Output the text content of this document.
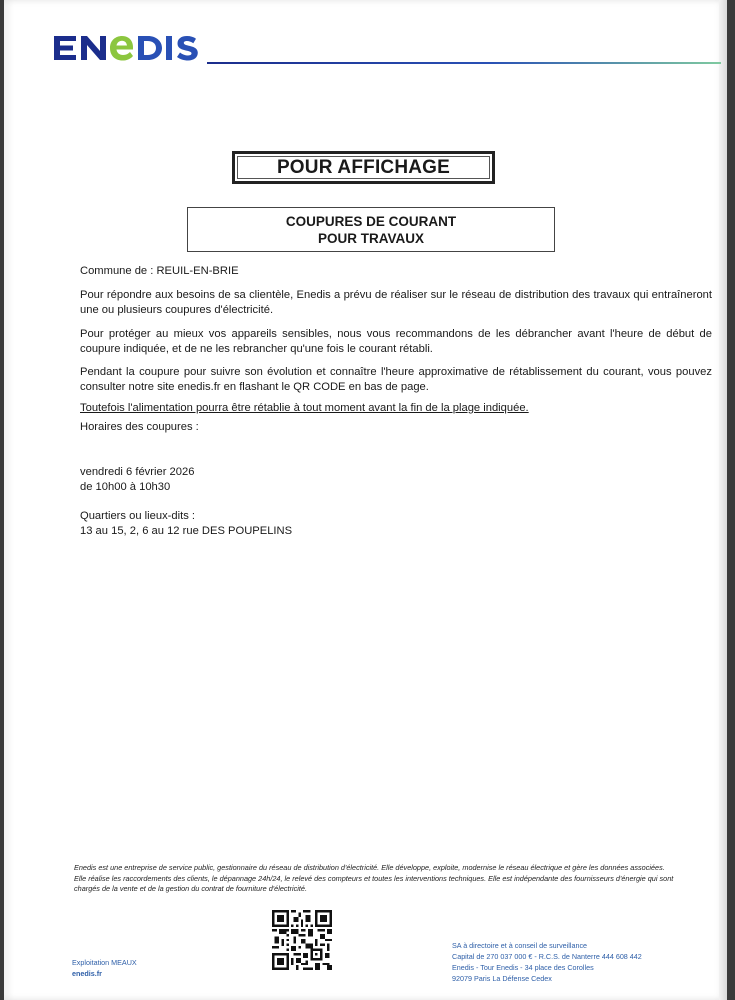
POUR AFFICHAGE
COUPURES DE COURANT
POUR TRAVAUX
Commune de : REUIL-EN-BRIE
Pour répondre aux besoins de sa clientèle, Enedis a prévu de réaliser sur le réseau de distribution des travaux qui entraîneront une ou plusieurs coupures d'électricité.
Pour protéger au mieux vos appareils sensibles, nous vous recommandons de les débrancher avant l'heure de début de coupure indiquée, et de ne les rebrancher qu'une fois le courant rétabli.
Pendant la coupure pour suivre son évolution et connaître l'heure approximative de rétablissement du courant, vous pouvez consulter notre site enedis.fr en flashant le QR CODE en bas de page.
Toutefois l'alimentation pourra être rétablie à tout moment avant la fin de la plage indiquée.
Horaires des coupures :
vendredi 6 février 2026
de 10h00 à 10h30
Quartiers ou lieux-dits :
13 au 15, 2, 6 au 12 rue DES POUPELINS
Enedis est une entreprise de service public, gestionnaire du réseau de distribution d'électricité. Elle développe, exploite, modernise le réseau électrique et gère les données associées. Elle réalise les raccordements des clients, le dépannage 24h/24, le relevé des compteurs et toutes les interventions techniques. Elle est indépendante des fournisseurs d'énergie qui sont chargés de la vente et de la gestion du contrat de fourniture d'électricité.
Exploitation MEAUX
enedis.fr
SA à directoire et à conseil de surveillance
Capital de 270 037 000 € - R.C.S. de Nanterre 444 608 442
Enedis - Tour Enedis - 34 place des Corolles
92079 Paris La Défense Cedex
